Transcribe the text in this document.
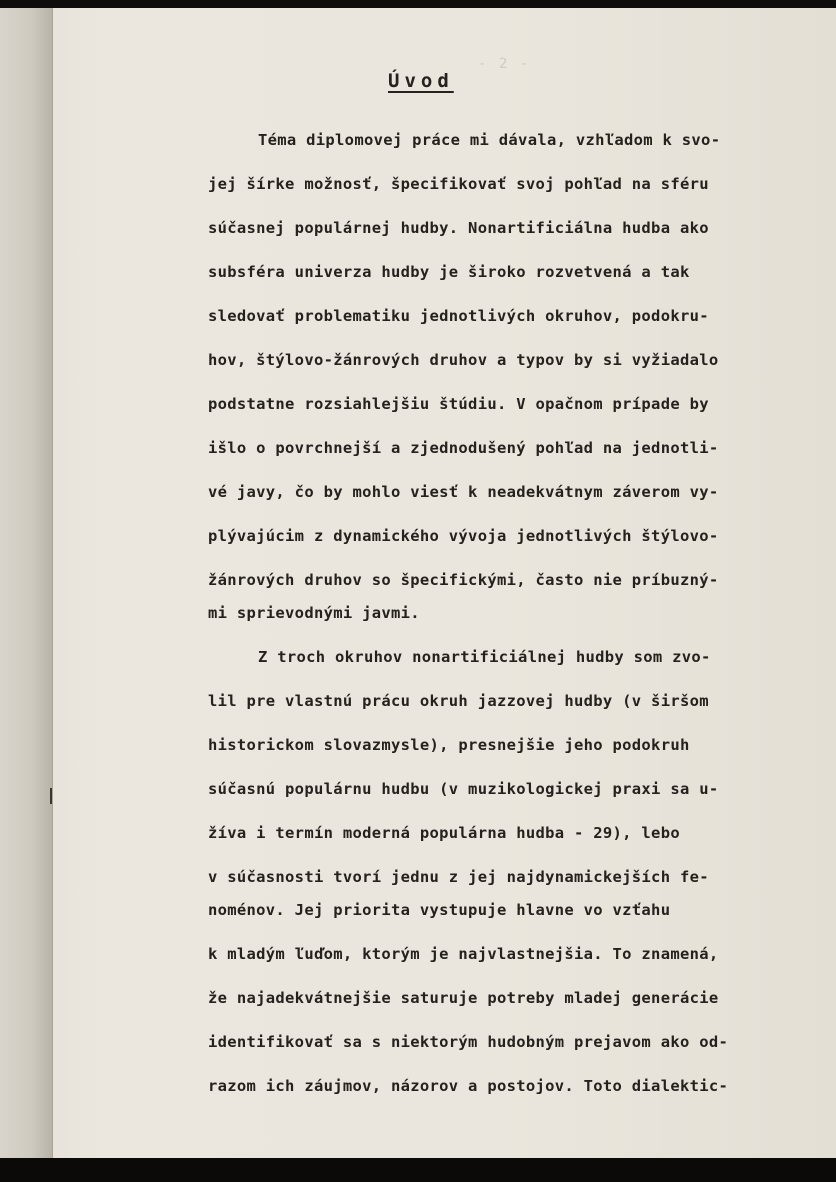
- 2 -
Úvod
Téma diplomovej práce mi dávala, vzhľadom k svo-
jej šírke možnosť, špecifikovať svoj pohľad na sféru
súčasnej populárnej hudby. Nonartificiálna hudba ako
subsféra univerza hudby je široko rozvetvená a tak
sledovať problematiku jednotlivých okruhov, podokru-
hov, štýlovo-žánrových druhov a typov by si vyžiadalo
podstatne rozsiahlejšiu štúdiu. V opačnom prípade by
išlo o povrchnejší a zjednodušený pohľad na jednotli-
vé javy, čo by mohlo viesť k neadekvátnym záverom vy-
plývajúcim z dynamického vývoja jednotlivých štýlovo-
žánrových druhov so špecifickými, často nie príbuzný-
mi sprievodnými javmi.
Z troch okruhov nonartificiálnej hudby som zvo-
lil pre vlastnú prácu okruh jazzovej hudby (v širšom
historickom slovazmysle), presnejšie jeho podokruh
súčasnú populárnu hudbu (v muzikologickej praxi sa u-
žíva i termín moderná populárna hudba - 29), lebo
v súčasnosti tvorí jednu z jej najdynamickejších fe-
noménov. Jej priorita vystupuje hlavne vo vzťahu
k mladým ľuďom, ktorým je najvlastnejšia. To znamená,
že najadekvátnejšie saturuje potreby mladej generácie
identifikovať sa s niektorým hudobným prejavom ako od-
razom ich záujmov, názorov a postojov. Toto dialektic-
